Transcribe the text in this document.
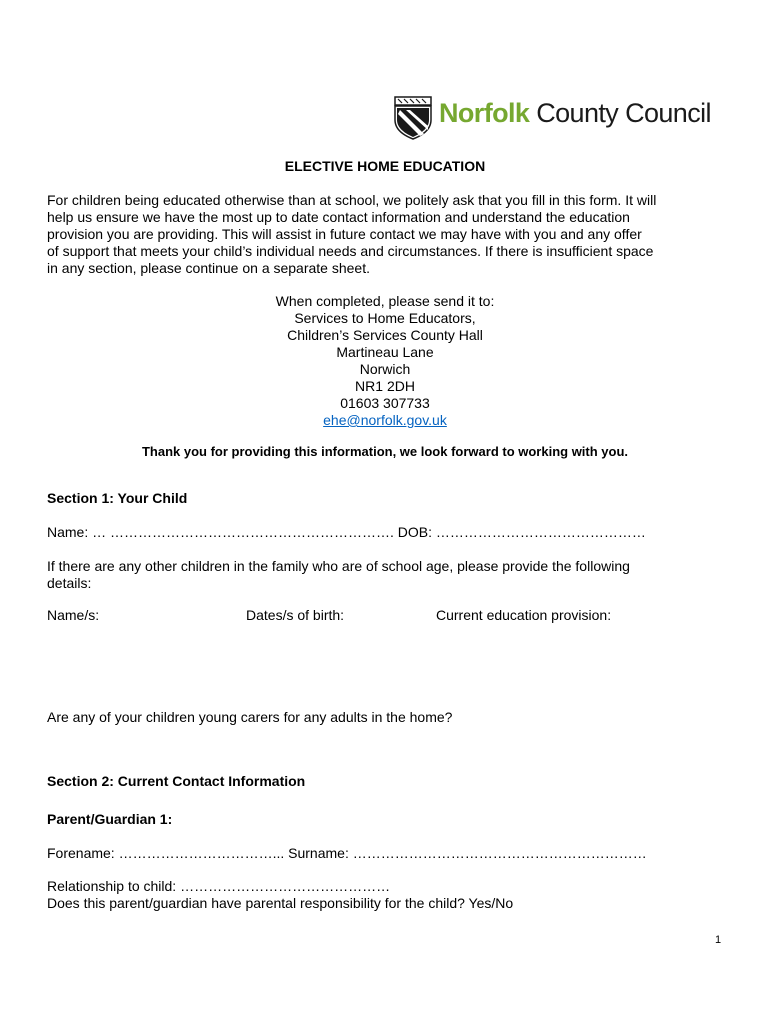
Norfolk County Council
ELECTIVE HOME EDUCATION
For children being educated otherwise than at school, we politely ask that you fill in this form. It will
help us ensure we have the most up to date contact information and understand the education
provision you are providing. This will assist in future contact we may have with you and any offer
of support that meets your child’s individual needs and circumstances. If there is insufficient space
in any section, please continue on a separate sheet.
When completed, please send it to:
Services to Home Educators,
Children’s Services County Hall
Martineau Lane
Norwich
NR1 2DH
01603 307733
ehe@norfolk.gov.uk
Thank you for providing this information, we look forward to working with you.
Section 1: Your Child
Name: … ……………………………………………………. DOB: ………………………………………
If there are any other children in the family who are of school age, please provide the following
details:
Name/s:	Dates/s of birth:	Current education provision:
Are any of your children young carers for any adults in the home?
Section 2: Current Contact Information
Parent/Guardian 1:
Forename: ……………………………... Surname: ………………………………………………………
Relationship to child: ………………………………………
Does this parent/guardian have parental responsibility for the child? Yes/No
1
